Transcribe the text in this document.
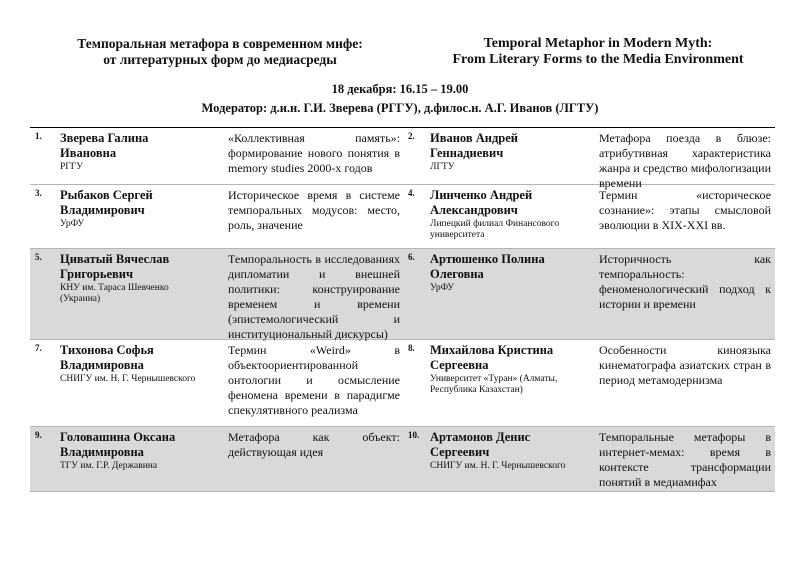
Темпоральная метафора в современном мифе:
от литературных форм до медиасреды
Temporal Metaphor in Modern Myth:
From Literary Forms to the Media Environment
18 декабря: 16.15 – 19.00
Модератор: д.и.н. Г.И. Зверева (РГГУ), д.филос.н. А.Г. Иванов (ЛГТУ)
1. Зверева Галина
Ивановна
РГГУ
«Коллективная память»: формирование нового понятия в memory studies 2000-х годов
2. Иванов Андрей
Геннадиевич
ЛГТУ
Метафора поезда в блюзе: атрибутивная характеристика жанра и средство мифологизации времени
3. Рыбаков Сергей
Владимирович
УрФУ
Историческое время в системе темпоральных модусов: место, роль, значение
4. Линченко Андрей
Александрович
Липецкий филиал Финансового университета
Термин «историческое сознание»: этапы смысловой эволюции в XIX-XXI вв.
5. Циватый Вячеслав
Григорьевич
КНУ им. Тараса Шевченко (Украина)
Темпоральность в исследованиях дипломатии и внешней политики: конструирование временем и времени (эпистемологический и институциональный дискурсы)
6. Артюшенко Полина
Олеговна
УрФУ
Историчность как темпоральность: феноменологический подход к истории и времени
7. Тихонова Софья
Владимировна
СНИГУ им. Н. Г. Чернышевского
Термин «Weird» в объектоориентированной онтологии и осмысление феномена времени в парадигме спекулятивного реализма
8. Михайлова Кристина
Сергеевна
Университет «Туран» (Алматы, Республика Казахстан)
Особенности киноязыка кинематографа азиатских стран в период метамодернизма
9. Головашина Оксана
Владимировна
ТГУ им. Г.Р. Державина
Метафора как объект: действующая идея
10. Артамонов Денис
Сергеевич
СНИГУ им. Н. Г. Чернышевского
Темпоральные метафоры в интернет-мемах: время в контексте трансформации понятий в медиамифах
